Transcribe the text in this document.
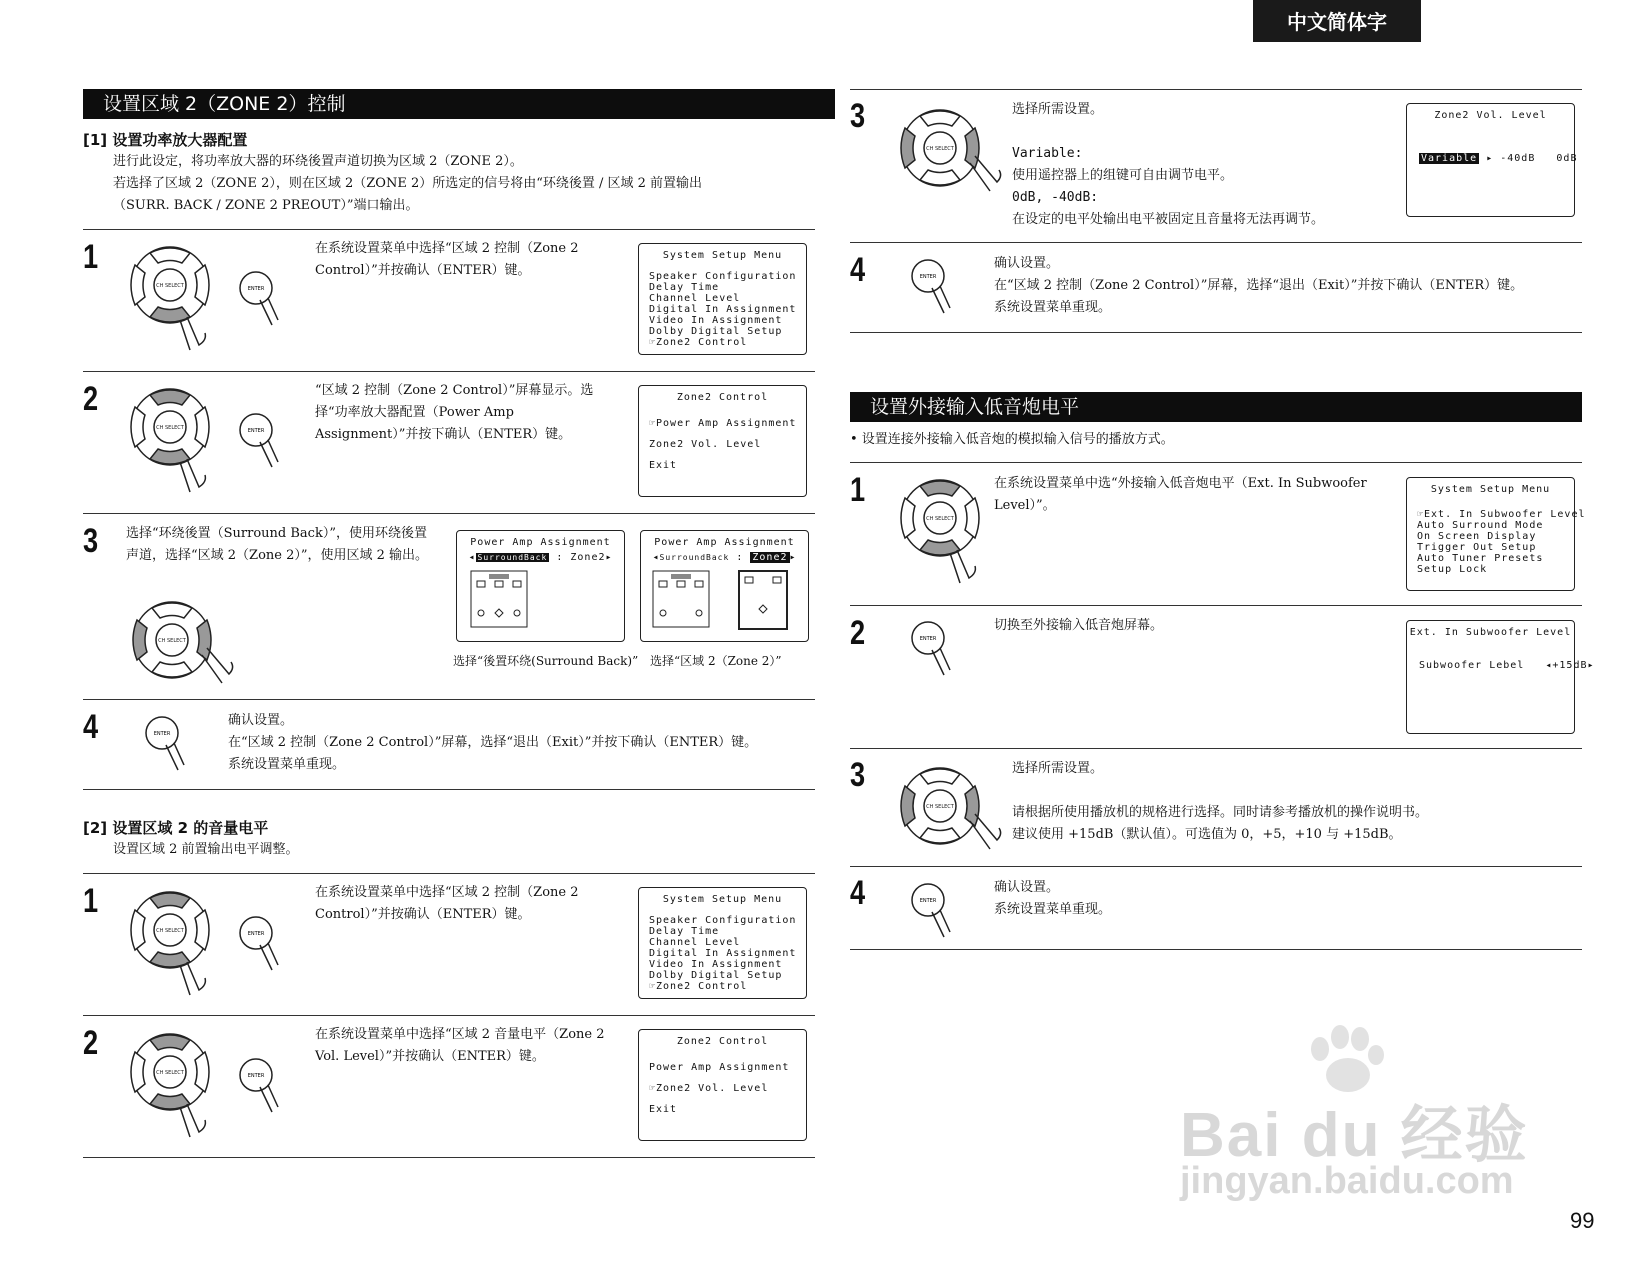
中文简体字
设置区域 2（ZONE 2）控制
[1] 设置功率放大器配置
进行此设定，将功率放大器的环绕後置声道切换为区域 2（ZONE 2）。
若选择了区域 2（ZONE 2），则在区域 2（ZONE 2）所选定的信号将由“环绕後置 / 区域 2 前置输出
（SURR. BACK / ZONE 2 PREOUT）”端口输出。
1
CH SELECT	ENTER
在系统设置菜单中选择“区域 2 控制（Zone 2 Control）”并按确认（ENTER）键。
System Setup Menu
Speaker Configuration
Delay Time
Channel Level
Digital In Assignment
Video In Assignment
Dolby Digital Setup
☞Zone2 Control
2
CH SELECT	ENTER
“区域 2 控制（Zone 2 Control）”屏幕显示。选择“功率放大器配置（Power Amp Assignment）”并按下确认（ENTER）键。
Zone2 Control
☞Power Amp Assignment
Zone2 Vol. Level
Exit
3 选择“环绕後置（Surround Back）”，使用环绕後置声道，选择“区域 2（Zone 2）”，使用区域 2 输出。
CH SELECT
Power Amp Assignment
◂ SurroundBack : Zone2▸
Power Amp Assignment
◂SurroundBack : Zone2 ▸
选择“後置环绕(Surround Back)” 选择“区域 2（Zone 2）”
4	ENTER
确认设置。
在“区域 2 控制（Zone 2 Control）”屏幕，选择“退出（Exit）”并按下确认（ENTER）键。
系统设置菜单重现。
[2] 设置区域 2 的音量电平
设置区域 2 前置输出电平调整。
1
CH SELECT	ENTER
在系统设置菜单中选择“区域 2 控制（Zone 2 Control）”并按确认（ENTER）键。
System Setup Menu
Speaker Configuration
Delay Time
Channel Level
Digital In Assignment
Video In Assignment
Dolby Digital Setup
☞Zone2 Control
2
CH SELECT	ENTER
在系统设置菜单中选择“区域 2 音量电平（Zone 2 Vol. Level）”并按确认（ENTER）键。
Zone2 Control
Power Amp Assignment
☞Zone2 Vol. Level
Exit
3
CH SELECT
选择所需设置。
Variable:
使用遥控器上的组键可自由调节电平。
0dB, -40dB:
在设定的电平处输出电平被固定且音量将无法再调节。
Zone2 Vol. Level
Variable ▸ -40dB 0dB
4	ENTER
确认设置。
在“区域 2 控制（Zone 2 Control）”屏幕，选择“退出（Exit）”并按下确认（ENTER）键。
系统设置菜单重现。
设置外接输入低音炮电平
• 设置连接外接输入低音炮的模拟输入信号的播放方式。
1
CH SELECT
在系统设置菜单中选“外接输入低音炮电平（Ext. In Subwoofer Level）”。
System Setup Menu
☞Ext. In Subwoofer Level
Auto Surround Mode
On Screen Display
Trigger Out Setup
Auto Tuner Presets
Setup Lock
2	ENTER
切换至外接输入低音炮屏幕。	Ext. In Subwoofer Level
Subwoofer Lebel ◂+15dB▸
3
CH SELECT
选择所需设置。
请根据所使用播放机的规格进行选择。同时请参考播放机的操作说明书。
建议使用 +15dB（默认值）。可选值为 0，+5，+10 与 +15dB。
4	ENTER
确认设置。
系统设置菜单重现。
Bai du 经验
jingyan.baidu.com
99
